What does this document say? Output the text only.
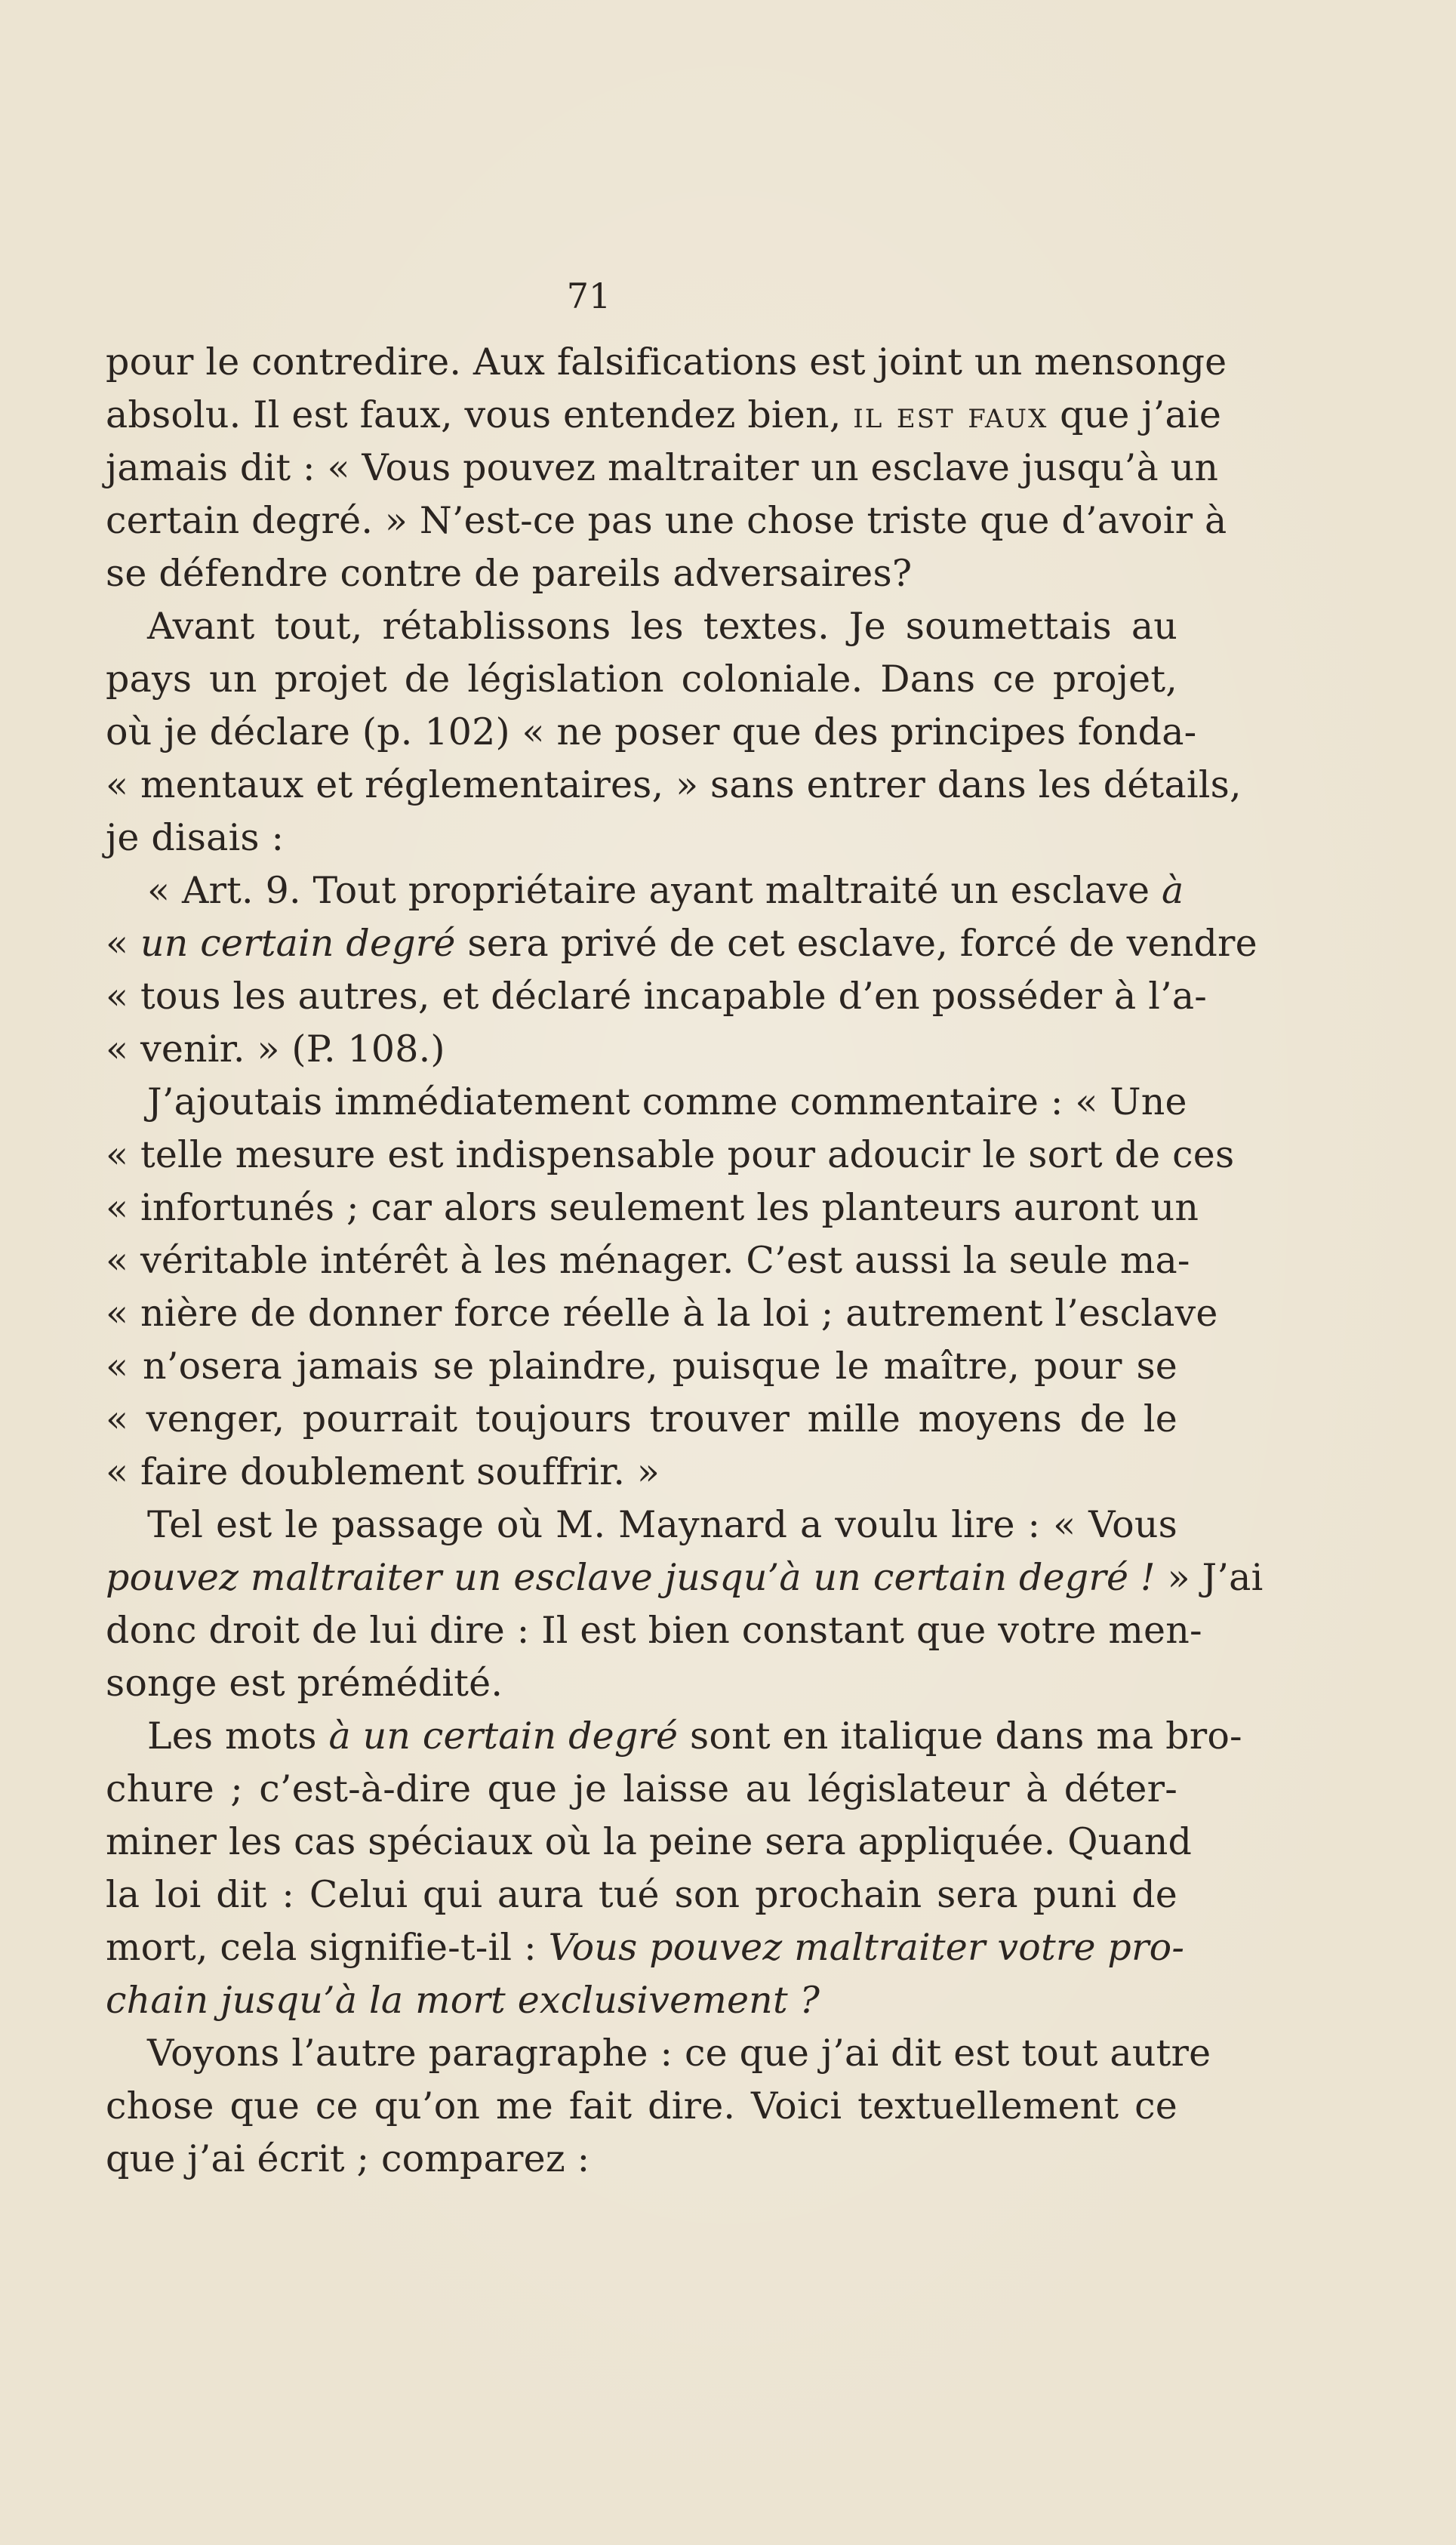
71
pour le contredire. Aux falsifications est joint un mensonge
absolu. Il est faux, vous entendez bien, il est faux que j’aie
jamais dit : « Vous pouvez maltraiter un esclave jusqu’à un
certain degré. » N’est-ce pas une chose triste que d’avoir à
se défendre contre de pareils adversaires?
Avant tout, rétablissons les textes. Je soumettais au
pays un projet de législation coloniale. Dans ce projet,
où je déclare (p. 102) « ne poser que des principes fonda-
« mentaux et réglementaires, » sans entrer dans les détails,
je disais :
« Art. 9. Tout propriétaire ayant maltraité un esclave à
« un certain degré sera privé de cet esclave, forcé de vendre
« tous les autres, et déclaré incapable d’en posséder à l’a-
« venir. » (P. 108.)
J’ajoutais immédiatement comme commentaire : « Une
« telle mesure est indispensable pour adoucir le sort de ces
« infortunés ; car alors seulement les planteurs auront un
« véritable intérêt à les ménager. C’est aussi la seule ma-
« nière de donner force réelle à la loi ; autrement l’esclave
« n’osera jamais se plaindre, puisque le maître, pour se
« venger, pourrait toujours trouver mille moyens de le
« faire doublement souffrir. »
Tel est le passage où M. Maynard a voulu lire : « Vous
pouvez maltraiter un esclave jusqu’à un certain degré ! » J’ai
donc droit de lui dire : Il est bien constant que votre men-
songe est prémédité.
Les mots à un certain degré sont en italique dans ma bro-
chure ; c’est-à-dire que je laisse au législateur à déter-
miner les cas spéciaux où la peine sera appliquée. Quand
la loi dit : Celui qui aura tué son prochain sera puni de
mort, cela signifie-t-il : Vous pouvez maltraiter votre pro-
chain jusqu’à la mort exclusivement ?
Voyons l’autre paragraphe : ce que j’ai dit est tout autre
chose que ce qu’on me fait dire. Voici textuellement ce
que j’ai écrit ; comparez :
